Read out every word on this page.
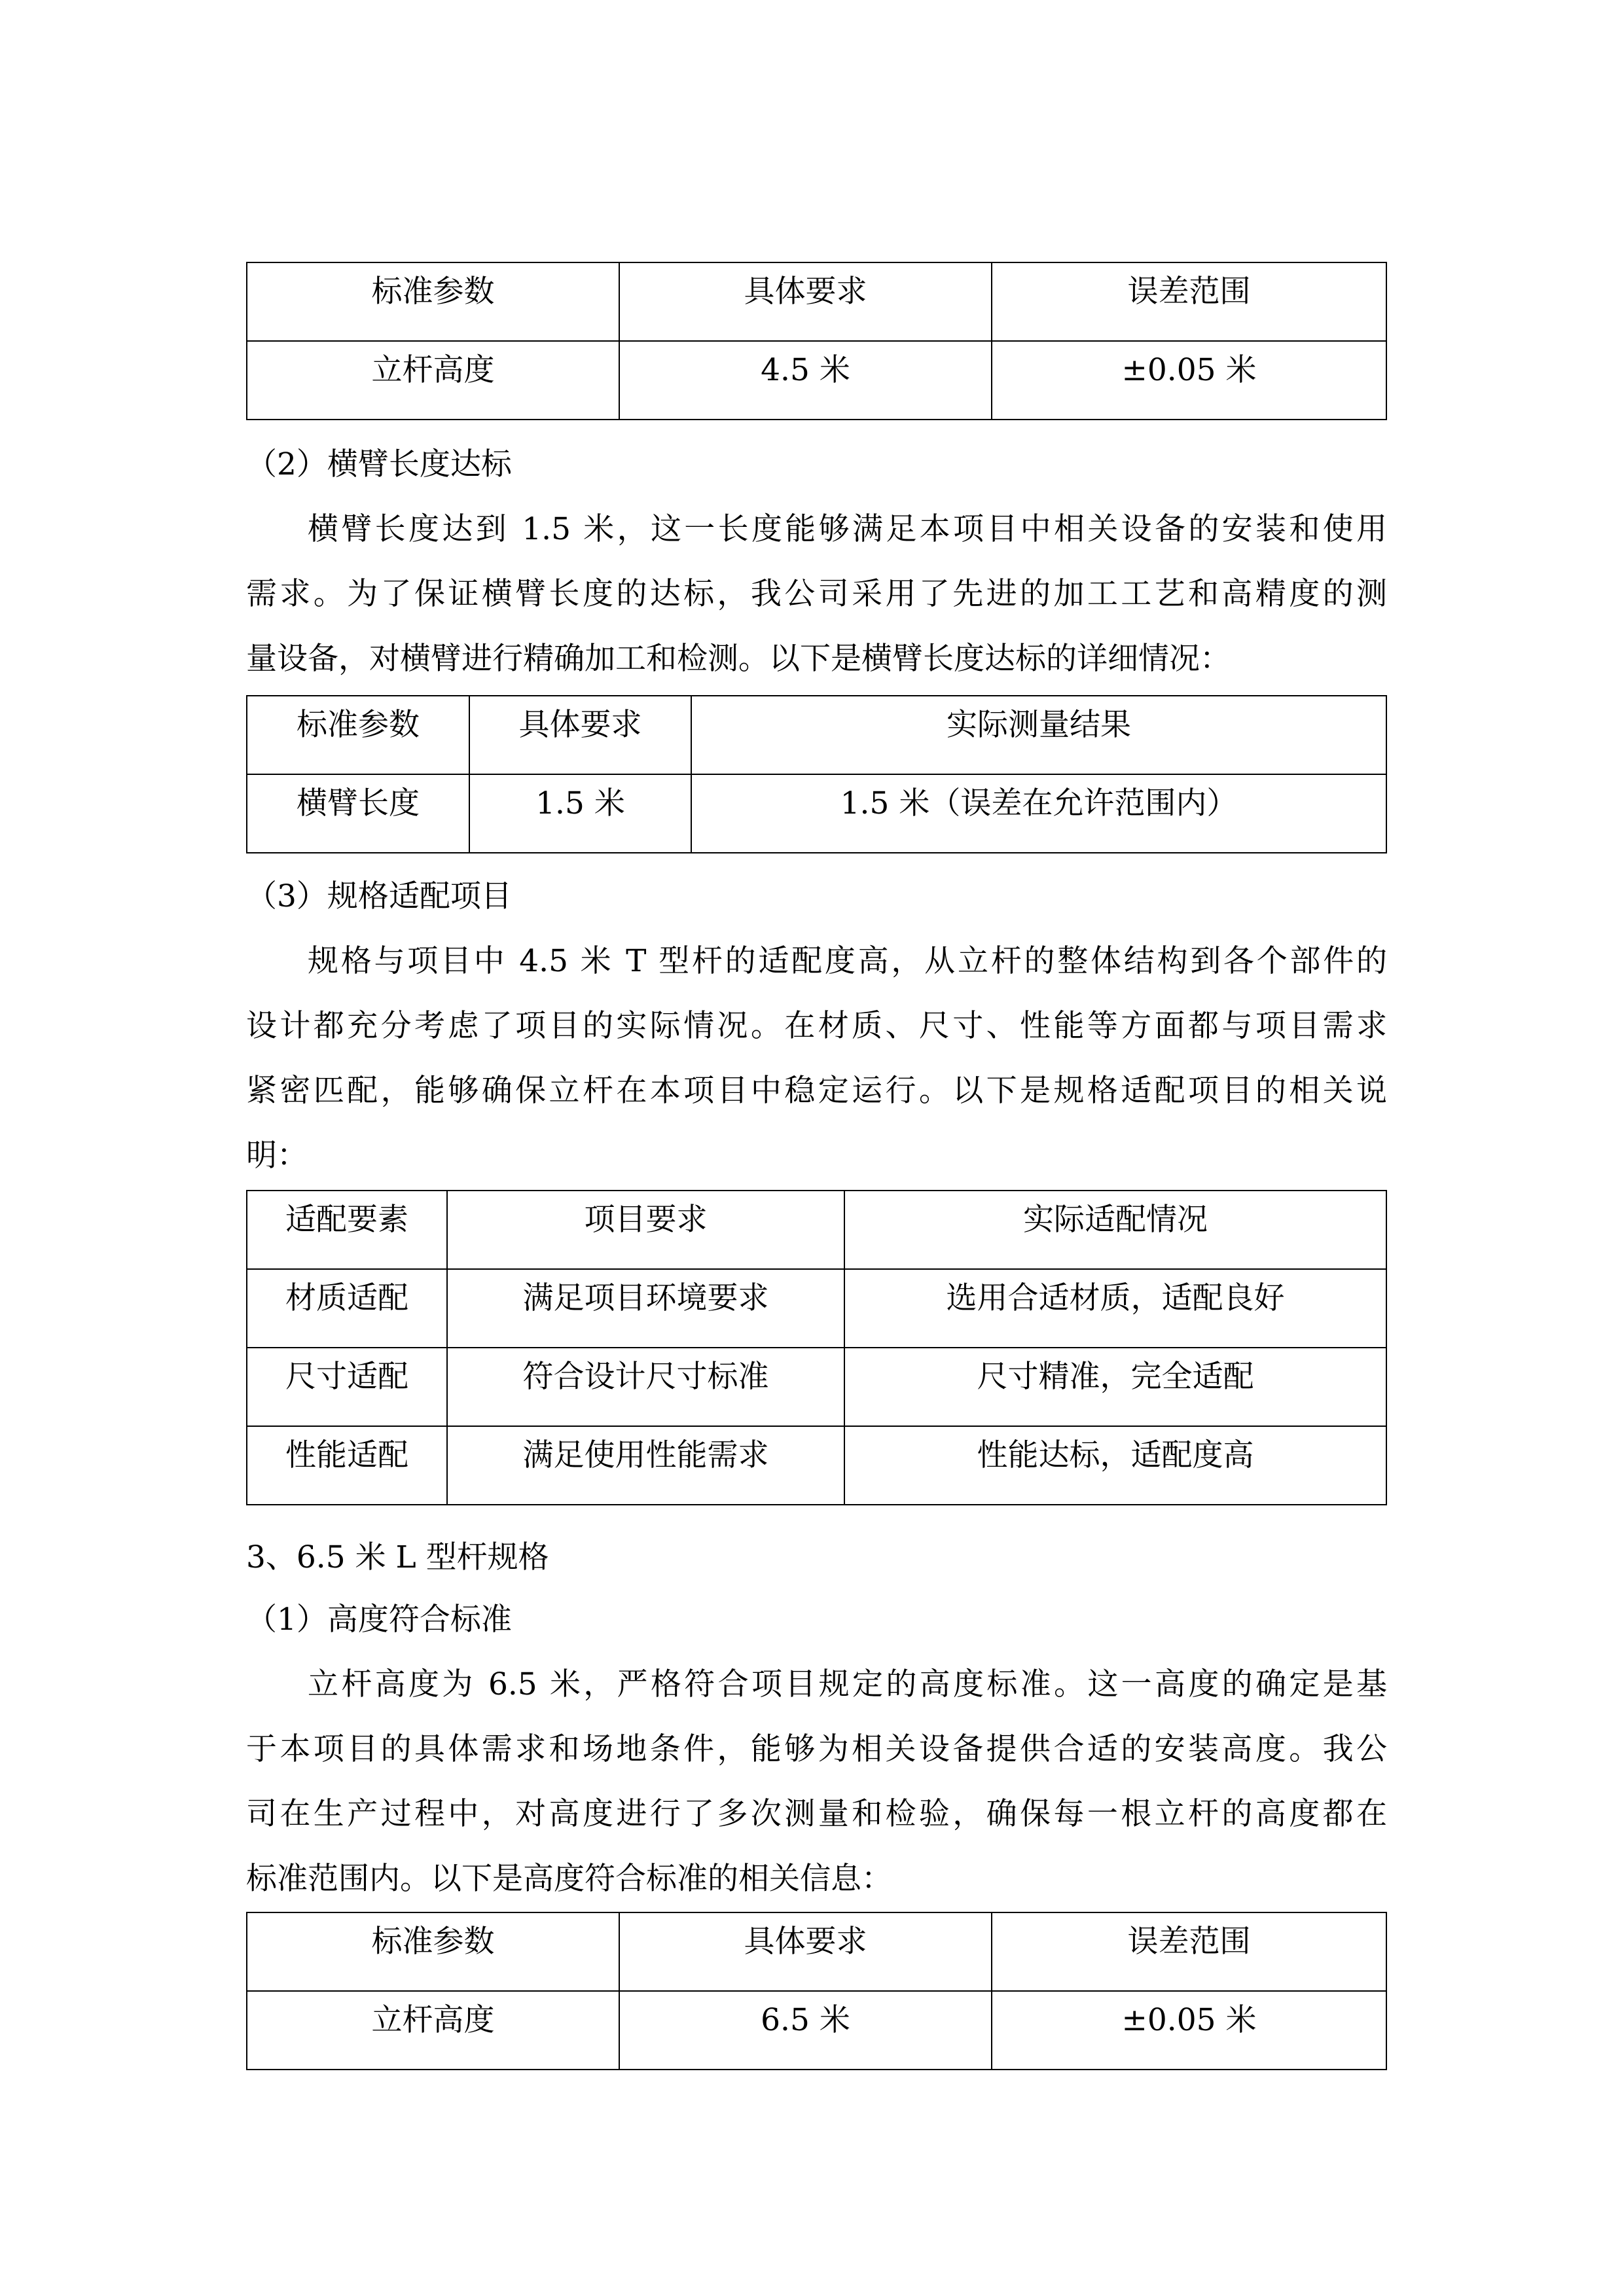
标准参数	具体要求	误差范围
立杆高度	4.5 米	±0.05 米
（2）横臂长度达标
横臂长度达到 1.5 米，这一长度能够满足本项目中相关设备的安装和使用
需求。为了保证横臂长度的达标，我公司采用了先进的加工工艺和高精度的测
量设备，对横臂进行精确加工和检测。以下是横臂长度达标的详细情况：
标准参数	具体要求	实际测量结果
横臂长度	1.5 米	1.5 米（误差在允许范围内）
（3）规格适配项目
规格与项目中 4.5 米 T 型杆的适配度高，从立杆的整体结构到各个部件的
设计都充分考虑了项目的实际情况。在材质、尺寸、性能等方面都与项目需求
紧密匹配，能够确保立杆在本项目中稳定运行。以下是规格适配项目的相关说
明：
适配要素	项目要求	实际适配情况
材质适配	满足项目环境要求	选用合适材质，适配良好
尺寸适配	符合设计尺寸标准	尺寸精准，完全适配
性能适配	满足使用性能需求	性能达标，适配度高
3、6.5 米 L 型杆规格
（1）高度符合标准
立杆高度为 6.5 米，严格符合项目规定的高度标准。这一高度的确定是基
于本项目的具体需求和场地条件，能够为相关设备提供合适的安装高度。我公
司在生产过程中，对高度进行了多次测量和检验，确保每一根立杆的高度都在
标准范围内。以下是高度符合标准的相关信息：
标准参数	具体要求	误差范围
立杆高度	6.5 米	±0.05 米
